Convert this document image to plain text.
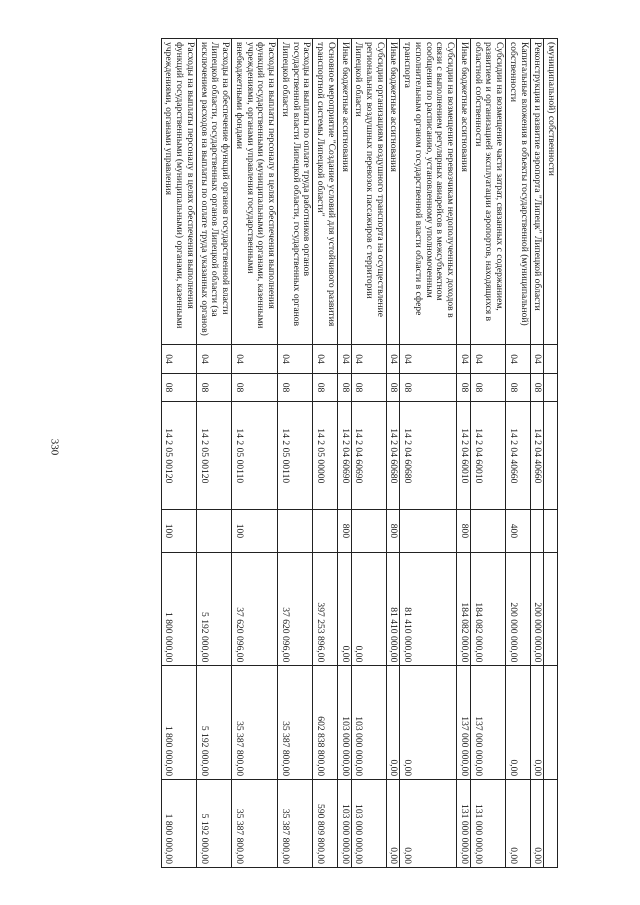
330
(муниципальной) собственности							
Реконструкция и развитие аэропорта "Липецк" Липецкой области	04	08	14 2 04 40660		200 000 000,00	0,00	0,00
Капитальные вложения в объекты государственной (муниципальной) собственности	04	08	14 2 04 40660	400	200 000 000,00	0,00	0,00
Субсидии на возмещение части затрат, связанных с содержанием, развитием и организацией эксплуатации аэропортов, находящихся в областной собственности	04	08	14 2 04 60010		184 082 000,00	137 000 000,00	131 000 000,00
Иные бюджетные ассигнования	04	08	14 2 04 60010	800	184 082 000,00	137 000 000,00	131 000 000,00
Субсидии на возмещение перевозчикам недополученных доходов в связи с выполнением регулярных авиарейсов в межсубъектном сообщении по расписанию, установленному уполномоченным исполнительным органом государственной власти области в сфере транспорта	04	08	14 2 04 60680		81 410 000,00	0,00	0,00
Иные бюджетные ассигнования	04	08	14 2 04 60680	800	81 410 000,00	0,00	0,00
Субсидии организациям воздушного транспорта на осуществление региональных воздушных перевозок пассажиров с территории Липецкой области	04	08	14 2 04 60690		0,00	103 000 000,00	103 000 000,00
Иные бюджетные ассигнования	04	08	14 2 04 60690	800	0,00	103 000 000,00	103 000 000,00
Основное мероприятие "Создание условий для устойчивого развития транспортной системы Липецкой области"	04	08	14 2 05 00000		397 253 896,00	602 838 800,00	590 809 800,00
Расходы на выплаты по оплате труда работников органов государственной власти Липецкой области, государственных органов Липецкой области	04	08	14 2 05 00110		37 620 096,00	35 387 800,00	35 387 800,00
Расходы на выплаты персоналу в целях обеспечения выполнения функций государственными (муниципальными) органами, казенными учреждениями, органами управления государственными внебюджетными фондами	04	08	14 2 05 00110	100	37 620 096,00	35 387 800,00	35 387 800,00
Расходы на обеспечение функций органов государственной власти Липецкой области, государственных органов Липецкой области (за исключением расходов на выплаты по оплате труда указанных органов)	04	08	14 2 05 00120		5 192 000,00	5 192 000,00	5 192 000,00
Расходы на выплаты персоналу в целях обеспечения выполнения функций государственными (муниципальными) органами, казенными учреждениями, органами управления	04	08	14 2 05 00120	100	1 800 000,00	1 800 000,00	1 800 000,00
